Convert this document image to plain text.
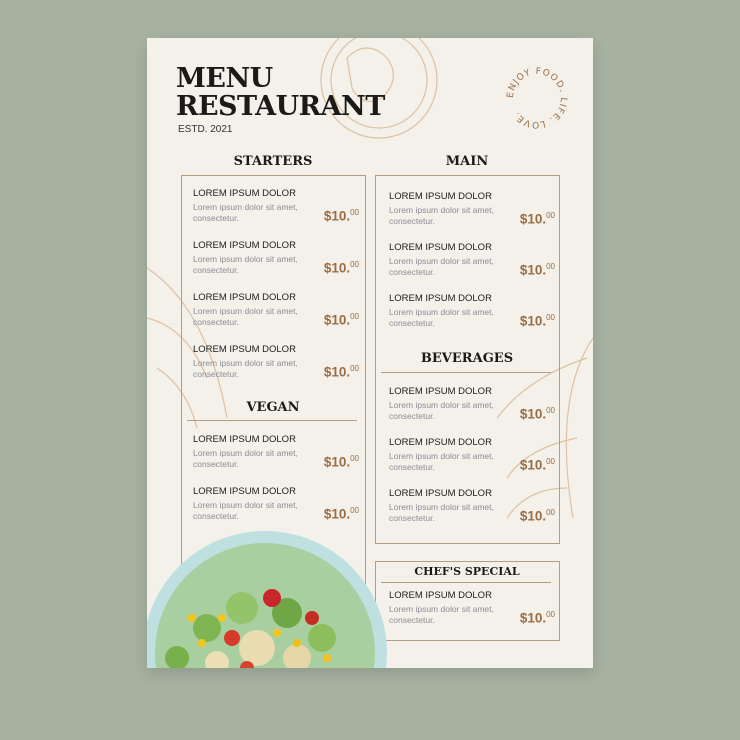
MENU
RESTAURANT
ESTD. 2021
ENJOY FOOD. LIFE. LOVE.
STARTERS
LOREM IPSUM DOLOR
Lorem ipsum dolor sit amet, consectetur.	$10.00
LOREM IPSUM DOLOR
Lorem ipsum dolor sit amet, consectetur.	$10.00
LOREM IPSUM DOLOR
Lorem ipsum dolor sit amet, consectetur.	$10.00
LOREM IPSUM DOLOR
Lorem ipsum dolor sit amet, consectetur.	$10.00
VEGAN
LOREM IPSUM DOLOR
Lorem ipsum dolor sit amet, consectetur.	$10.00
LOREM IPSUM DOLOR
Lorem ipsum dolor sit amet, consectetur.	$10.00
MAIN
LOREM IPSUM DOLOR
Lorem ipsum dolor sit amet, consectetur.	$10.00
LOREM IPSUM DOLOR
Lorem ipsum dolor sit amet, consectetur.	$10.00
LOREM IPSUM DOLOR
Lorem ipsum dolor sit amet, consectetur.	$10.00
BEVERAGES
LOREM IPSUM DOLOR
Lorem ipsum dolor sit amet, consectetur.	$10.00
LOREM IPSUM DOLOR
Lorem ipsum dolor sit amet, consectetur.	$10.00
LOREM IPSUM DOLOR
Lorem ipsum dolor sit amet, consectetur.	$10.00
CHEF'S SPECIAL
LOREM IPSUM DOLOR
Lorem ipsum dolor sit amet, consectetur.	$10.00
